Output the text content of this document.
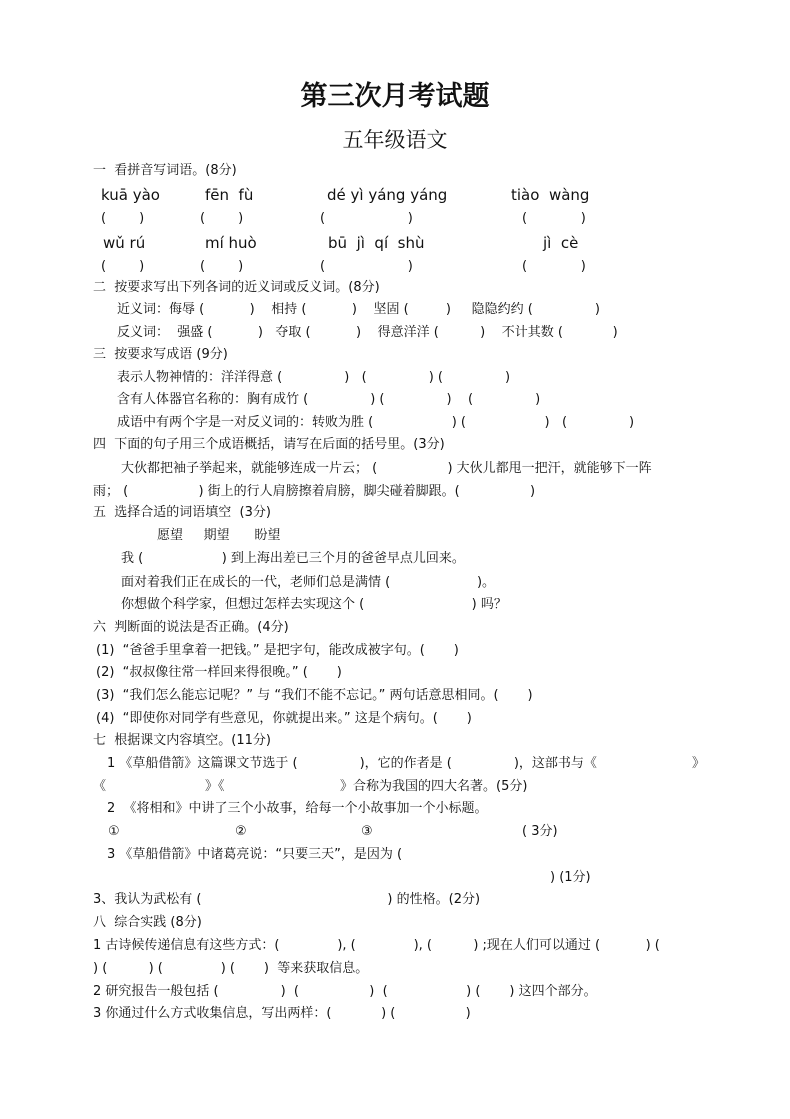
第三次月考试题
五年级语文
一  看拼音写词语。(8分)
kuā yào	fēn  fù	dé yì yáng yáng	tiào  wàng
(        )	(        )	(                    )	(             )
wǔ rú	mí huò	bū  jì  qí  shù	jì  cè
(        )	(        )	(                    )	(             )
二  按要求写出下列各词的近义词或反义词。(8分)
近义词：侮辱 (           )    相持 (           )    坚固 (         )     隐隐约约 (               )
反义词：  强盛 (           )   夺取 (           )    得意洋洋 (          )    不计其数 (            )
三  按要求写成语 (9分)
表示人物神情的：洋洋得意 (               )   (               ) (               )
含有人体器官名称的：胸有成竹 (               ) (               )    (               )
成语中有两个字是一对反义词的：转败为胜 (                   ) (                   )   (               )
四  下面的句子用三个成语概括，请写在后面的括号里。(3分)
大伙都把袖子挙起来，就能够连成一片云； (                 ) 大伙儿都甩一把汗，就能够下一阵
雨； (                 ) 街上的行人肩膀擦着肩膀，脚尖碰着脚跟。(                 )
五  选择合适的词语填空  (3分)
愿望     期望      盼望
我 (                   ) 到上海出差已三个月的爸爸早点儿回来。
面对着我们正在成长的一代，老师们总是满情 (                     )。
你想做个科学家，但想过怎样去实现这个 (                          ) 吗？
六  判断面的说法是否正确。(4分)
(1)  “爸爸手里拿着一把钱。” 是把字句，能改成被字句。(       )
(2)  “叔叔像往常一样回来得很晚。” (       )
(3)  “我们怎么能忘记呢？” 与 “我们不能不忘记。” 两句话意思相同。(       )
(4)  “即使你对同学有些意见，你就提出来。” 这是个病句。(       )
七  根据课文内容填空。(11分)
1 《草船借箭》这篇课文节选于 (               )，它的作者是 (               )，这部书与《                       》
《	》《	》合称为我国的四大名著。(5分)
2  《将相和》中讲了三个小故事，给每一个小故事加一个小标题。
①	②	③	( 3分)
3 《草船借箭》中诸葛亮说：“只要三天”，是因为 (
) (1分)
3、我认为武松有 (                                             ) 的性格。(2分)
八  综合实践 (8分)
1 古诗候传递信息有这些方式：(              ), (              ), (          ) ;现在人们可以通过 (           ) (
) (          ) (              ) (       )  等来获取信息。
2 研究报告一般包括 (               )  (                 )  (                   ) (       ) 这四个部分。
3 你通过什么方式收集信息，写出两样：(            ) (                 )
